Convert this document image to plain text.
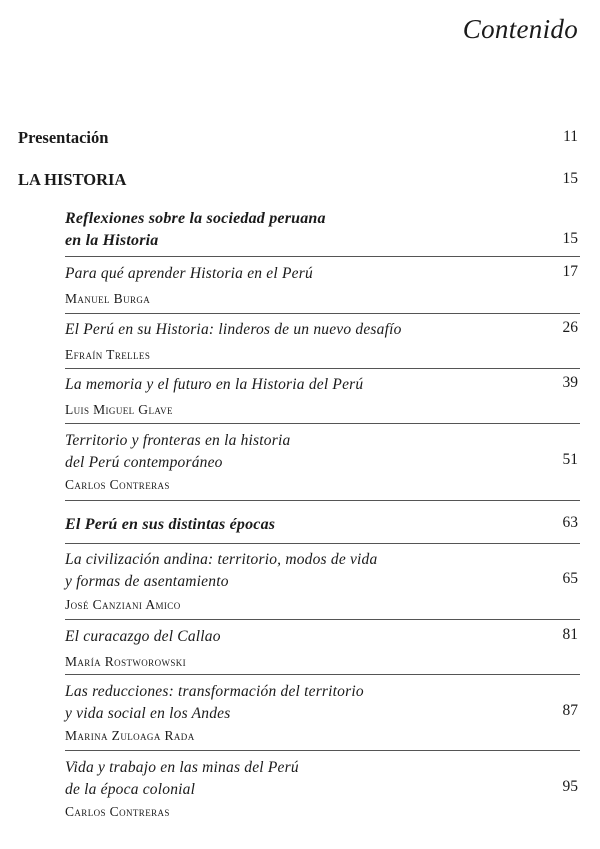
Contenido
Presentación	11
LA HISTORIA	15
Reflexiones sobre la sociedad peruana
en la Historia	15
Para qué aprender Historia en el Perú	17
Manuel Burga
El Perú en su Historia: linderos de un nuevo desafío	26
Efraín Trelles
La memoria y el futuro en la Historia del Perú	39
Luis Miguel Glave
Territorio y fronteras en la historia
del Perú contemporáneo	51
Carlos Contreras
El Perú en sus distintas épocas	63
La civilización andina: territorio, modos de vida
y formas de asentamiento	65
José Canziani Amico
El curacazgo del Callao	81
María Rostworowski
Las reducciones: transformación del territorio
y vida social en los Andes	87
Marina Zuloaga Rada
Vida y trabajo en las minas del Perú
de la época colonial	95
Carlos Contreras
